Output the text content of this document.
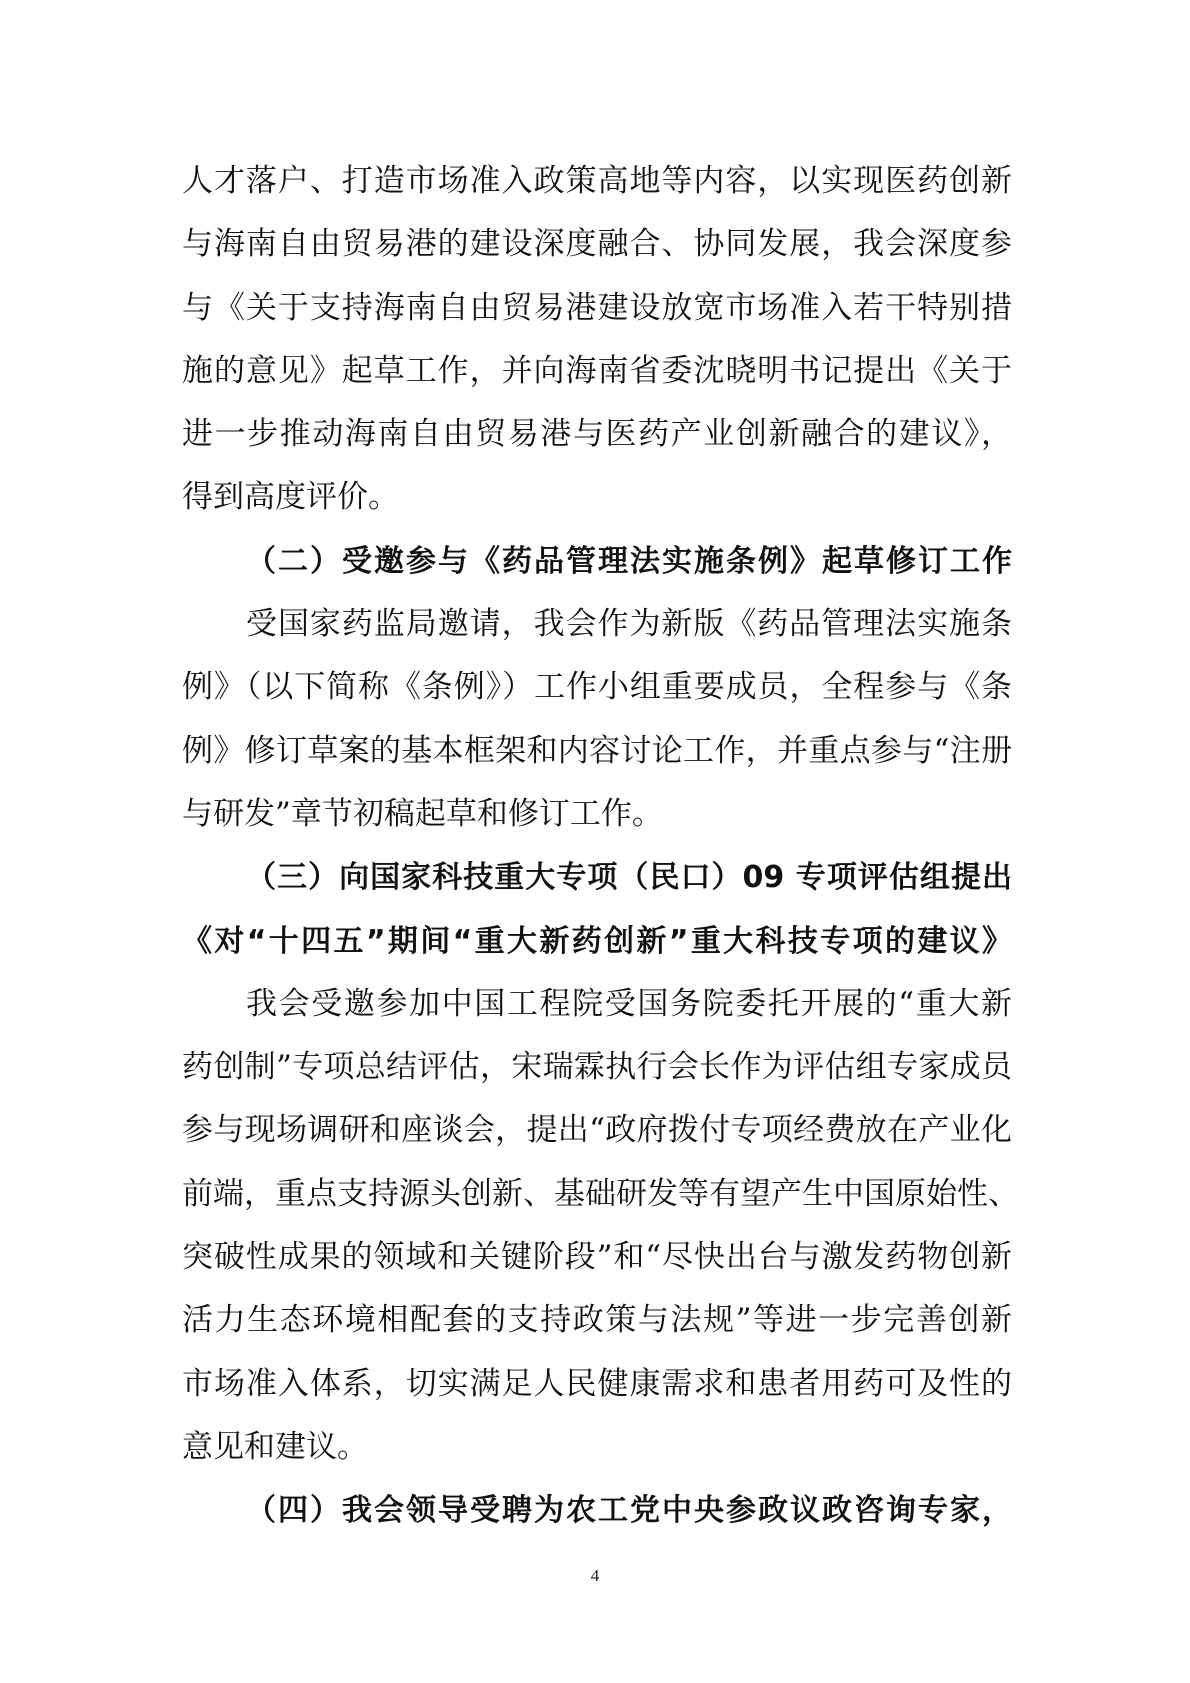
人才落户、打造市场准入政策高地等内容，以实现医药创新
与海南自由贸易港的建设深度融合、协同发展，我会深度参
与《关于支持海南自由贸易港建设放宽市场准入若干特别措
施的意见》起草工作，并向海南省委沈晓明书记提出《关于
进一步推动海南自由贸易港与医药产业创新融合的建议》，
得到高度评价。
（二）受邀参与《药品管理法实施条例》起草修订工作
受国家药监局邀请，我会作为新版《药品管理法实施条
例》（以下简称《条例》）工作小组重要成员，全程参与《条
例》修订草案的基本框架和内容讨论工作，并重点参与“注册
与研发”章节初稿起草和修订工作。
（三）向国家科技重大专项（民口）09 专项评估组提出
《对“十四五”期间“重大新药创新”重大科技专项的建议》
我会受邀参加中国工程院受国务院委托开展的“重大新
药创制”专项总结评估，宋瑞霖执行会长作为评估组专家成员
参与现场调研和座谈会，提出“政府拨付专项经费放在产业化
前端，重点支持源头创新、基础研发等有望产生中国原始性、
突破性成果的领域和关键阶段”和“尽快出台与激发药物创新
活力生态环境相配套的支持政策与法规”等进一步完善创新
市场准入体系，切实满足人民健康需求和患者用药可及性的
意见和建议。
（四）我会领导受聘为农工党中央参政议政咨询专家，
4
